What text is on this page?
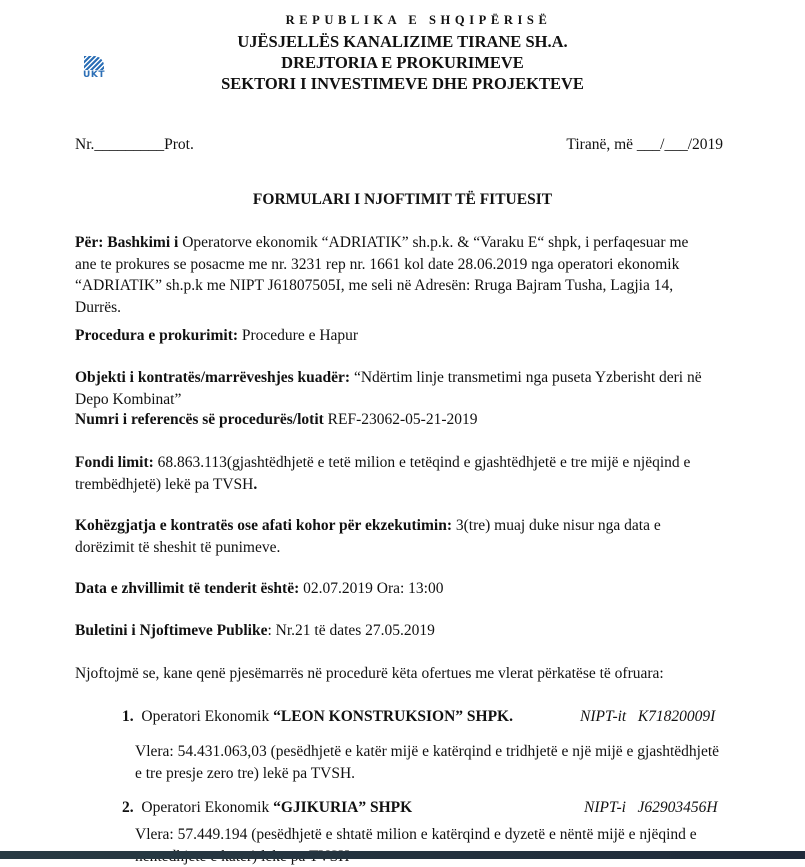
UKT
REPUBLIKA E SHQIPËRISË
UJËSJELLËS KANALIZIME TIRANE SH.A.
DREJTORIA E PROKURIMEVE
SEKTORI I INVESTIMEVE DHE PROJEKTEVE
Nr._________Prot.	Tiranë, më ___/___/2019
FORMULARI I NJOFTIMIT TË FITUESIT
Për: Bashkimi i Operatorve ekonomik “ADRIATIK” sh.p.k. & “Varaku E“ shpk, i perfaqesuar me
ane te prokures se posacme me nr. 3231 rep nr. 1661 kol date 28.06.2019 nga operatori ekonomik
“ADRIATIK” sh.p.k me NIPT J61807505I, me seli në Adresën: Rruga Bajram Tusha, Lagjia 14,
Durrës.
Procedura e prokurimit: Procedure e Hapur
Objekti i kontratës/marrëveshjes kuadër: “Ndërtim linje transmetimi nga puseta Yzberisht deri në
Depo Kombinat”
Numri i referencës së procedurës/lotit REF-23062-05-21-2019
Fondi limit: 68.863.113(gjashtëdhjetë e tetë milion e tetëqind e gjashtëdhjetë e tre mijë e njëqind e
trembëdhjetë) lekë pa TVSH.
Kohëzgjatja e kontratës ose afati kohor për ekzekutimin: 3(tre) muaj duke nisur nga data e
dorëzimit të sheshit të punimeve.
Data e zhvillimit të tenderit është: 02.07.2019 Ora: 13:00
Buletini i Njoftimeve Publike: Nr.21 të dates 27.05.2019
Njoftojmë se, kane qenë pjesëmarrës në procedurë këta ofertues me vlerat përkatëse të ofruara:
1. Operatori Ekonomik “LEON KONSTRUKSION” SHPK.	NIPT-it K71820009I
Vlera: 54.431.063,03 (pesëdhjetë e katër mijë e katërqind e tridhjetë e një mijë e gjashtëdhjetë
e tre presje zero tre) lekë pa TVSH.
2. Operatori Ekonomik “GJIKURIA” SHPK	NIPT-i J62903456H
Vlera: 57.449.194 (pesëdhjetë e shtatë milion e katërqind e dyzetë e nëntë mijë e njëqind e
